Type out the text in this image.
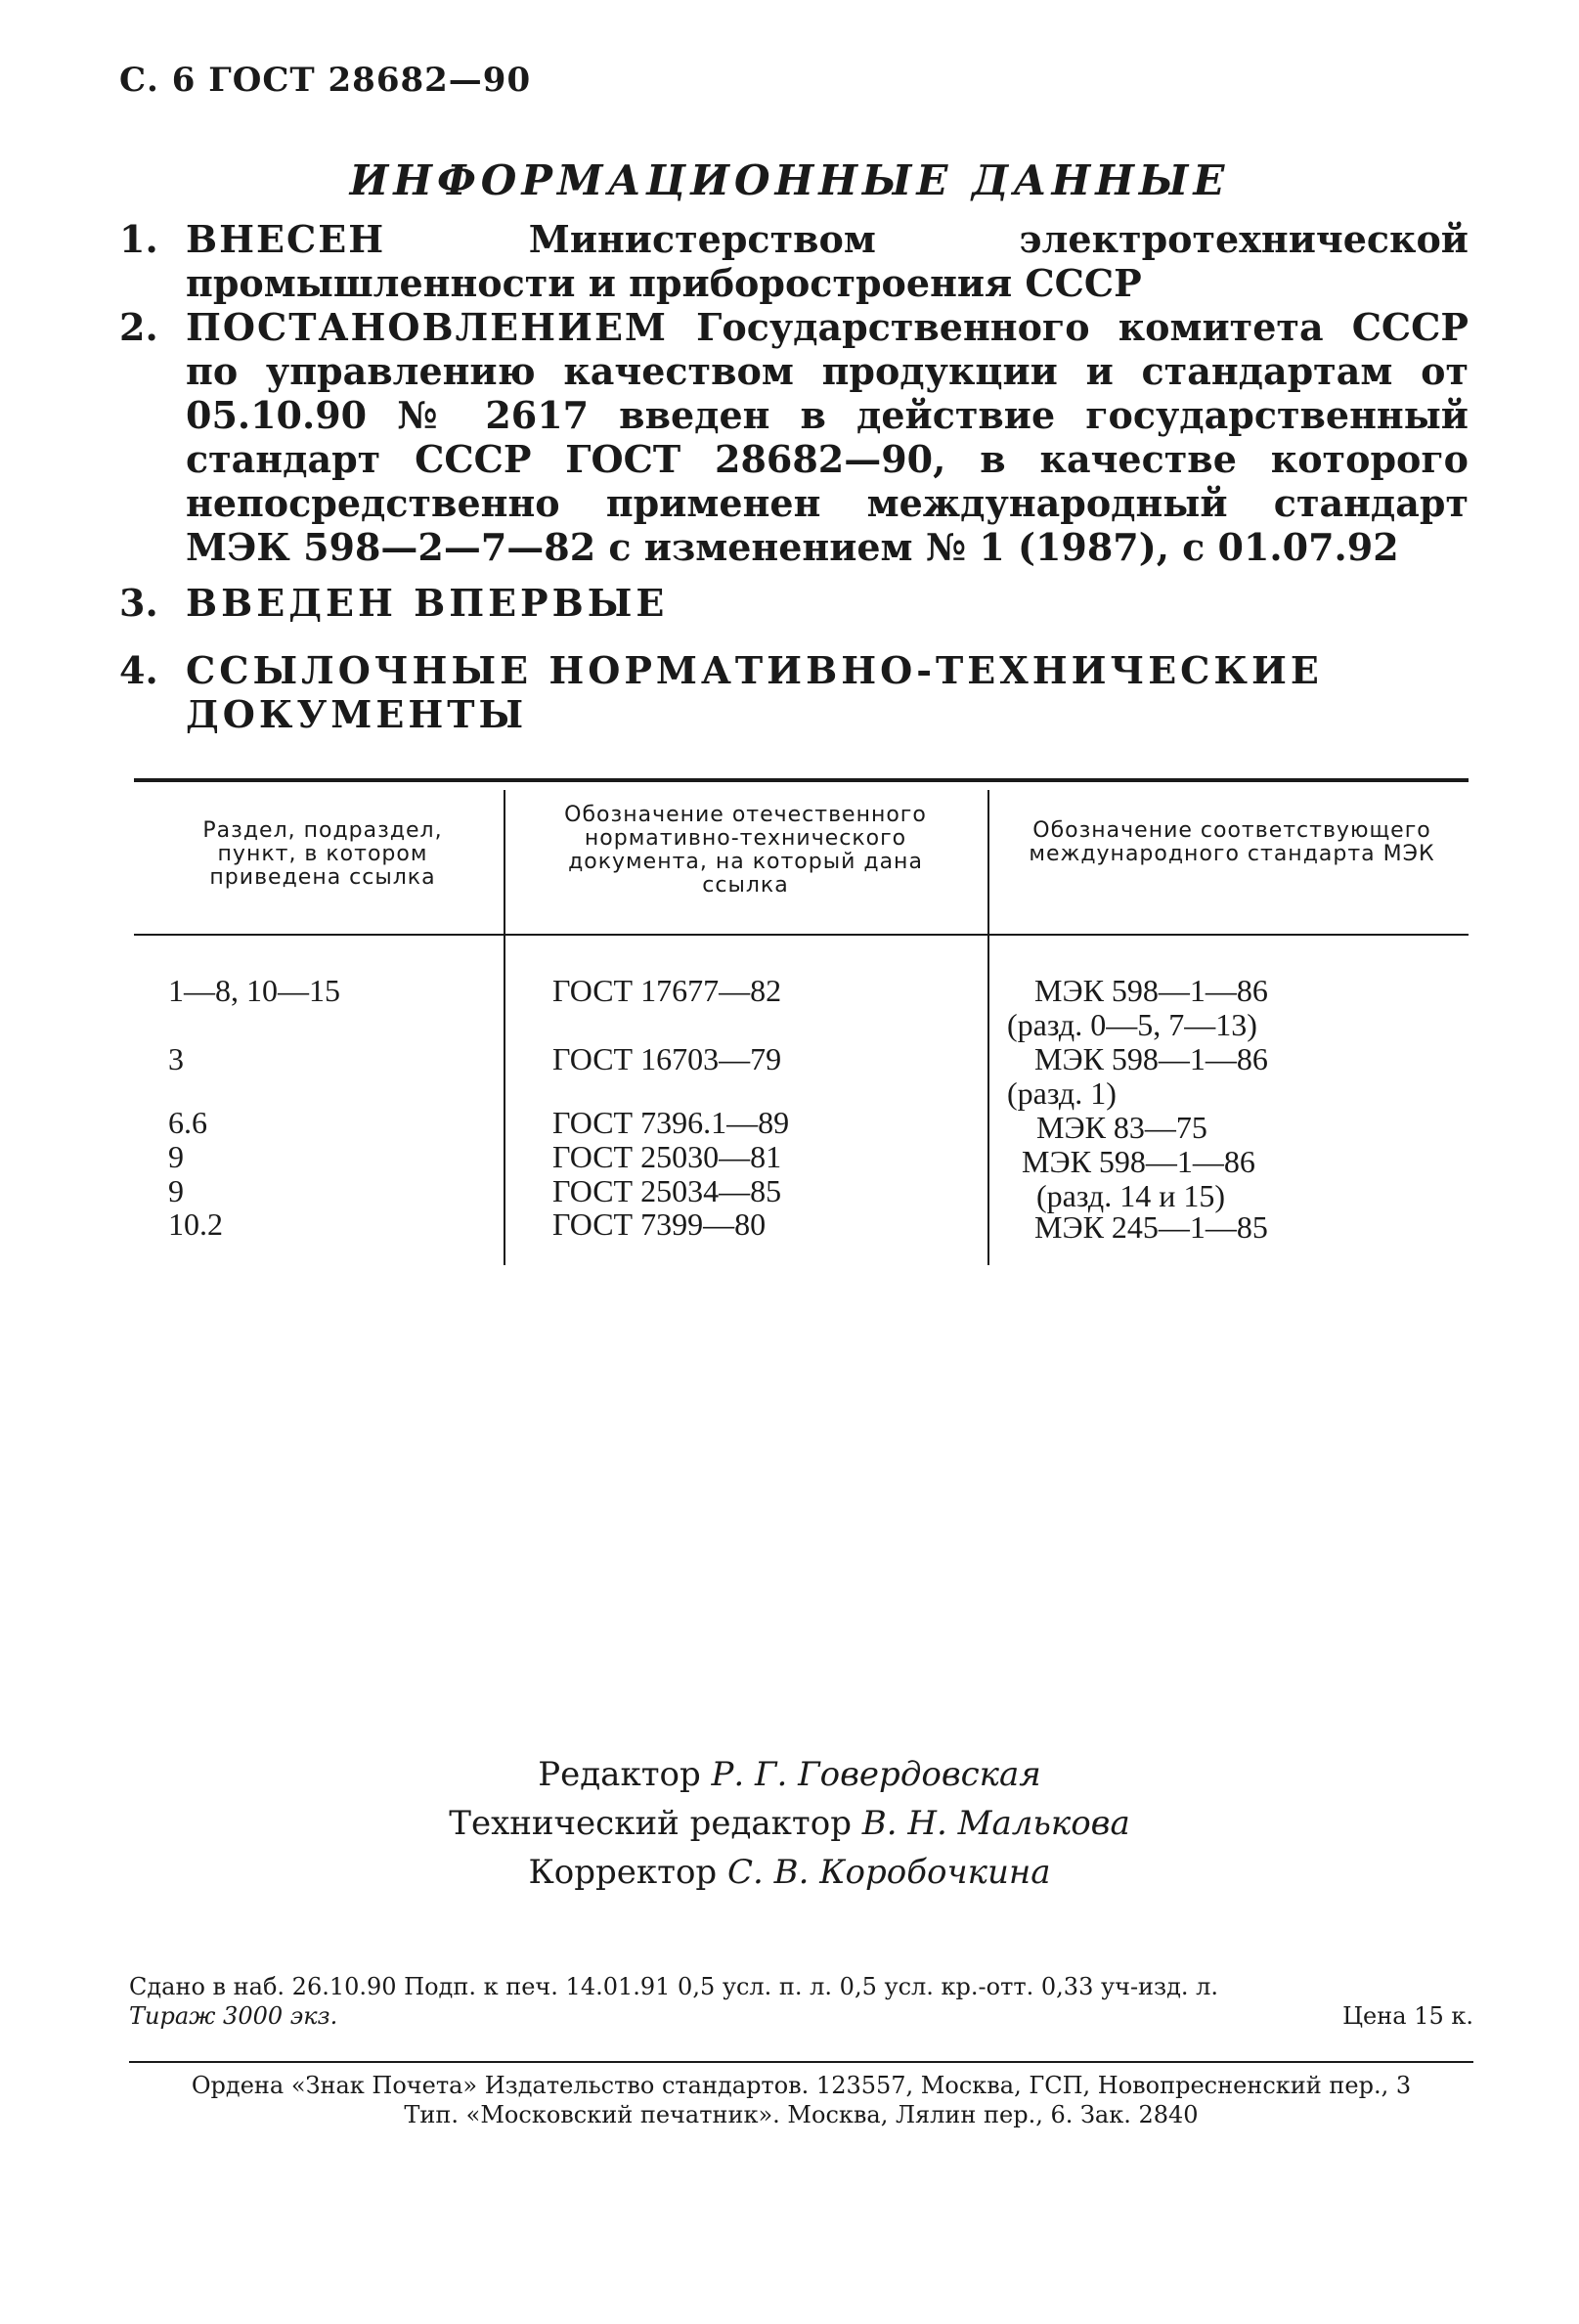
С. 6 ГОСТ 28682—90
ИНФОРМАЦИОННЫЕ ДАННЫЕ
1. ВНЕСЕН	Министерством электротехнической промышленности и приборостроения СССР
2. ПОСТАНОВЛЕНИЕМ Государственного комитета СССР по управлению качеством продукции и стандартам от 05.10.90 № 2617 введен в действие государственный стандарт СССР ГОСТ 28682—90, в качестве которого непосредственно применен международный стандарт МЭК 598—2—7—82 с изменением № 1 (1987), с 01.07.92
3. ВВЕДЕН ВПЕРВЫЕ
4. ССЫЛОЧНЫЕ НОРМАТИВНО-ТЕХНИЧЕСКИЕ ДОКУМЕНТЫ
Раздел, подраздел, пункт, в котором приведена ссылка
Обозначение отечественного нормативно-технического документа, на который дана ссылка
Обозначение соответствующего международного стандарта МЭК
1—8, 10—15
3
6.6
9
9
10.2
ГОСТ 17677—82
ГОСТ 16703—79
ГОСТ 7396.1—89
ГОСТ 25030—81
ГОСТ 25034—85
ГОСТ 7399—80
МЭК 598—1—86
(разд. 0—5, 7—13)
МЭК 598—1—86
(разд. 1)
МЭК 83—75
МЭК 598—1—86
(разд. 14 и 15)
МЭК 245—1—85
Редактор Р. Г. Говердовская
Технический редактор В. Н. Малькова
Корректор С. В. Коробочкина
Сдано в наб. 26.10.90 Подп. к печ. 14.01.91 0,5 усл. п. л. 0,5 усл. кр.-отт. 0,33 уч-изд. л.
Тираж 3000 экз.	Цена 15 к.
Ордена «Знак Почета» Издательство стандартов. 123557, Москва, ГСП, Новопресненский пер., 3
Тип. «Московский печатник». Москва, Лялин пер., 6. Зак. 2840
